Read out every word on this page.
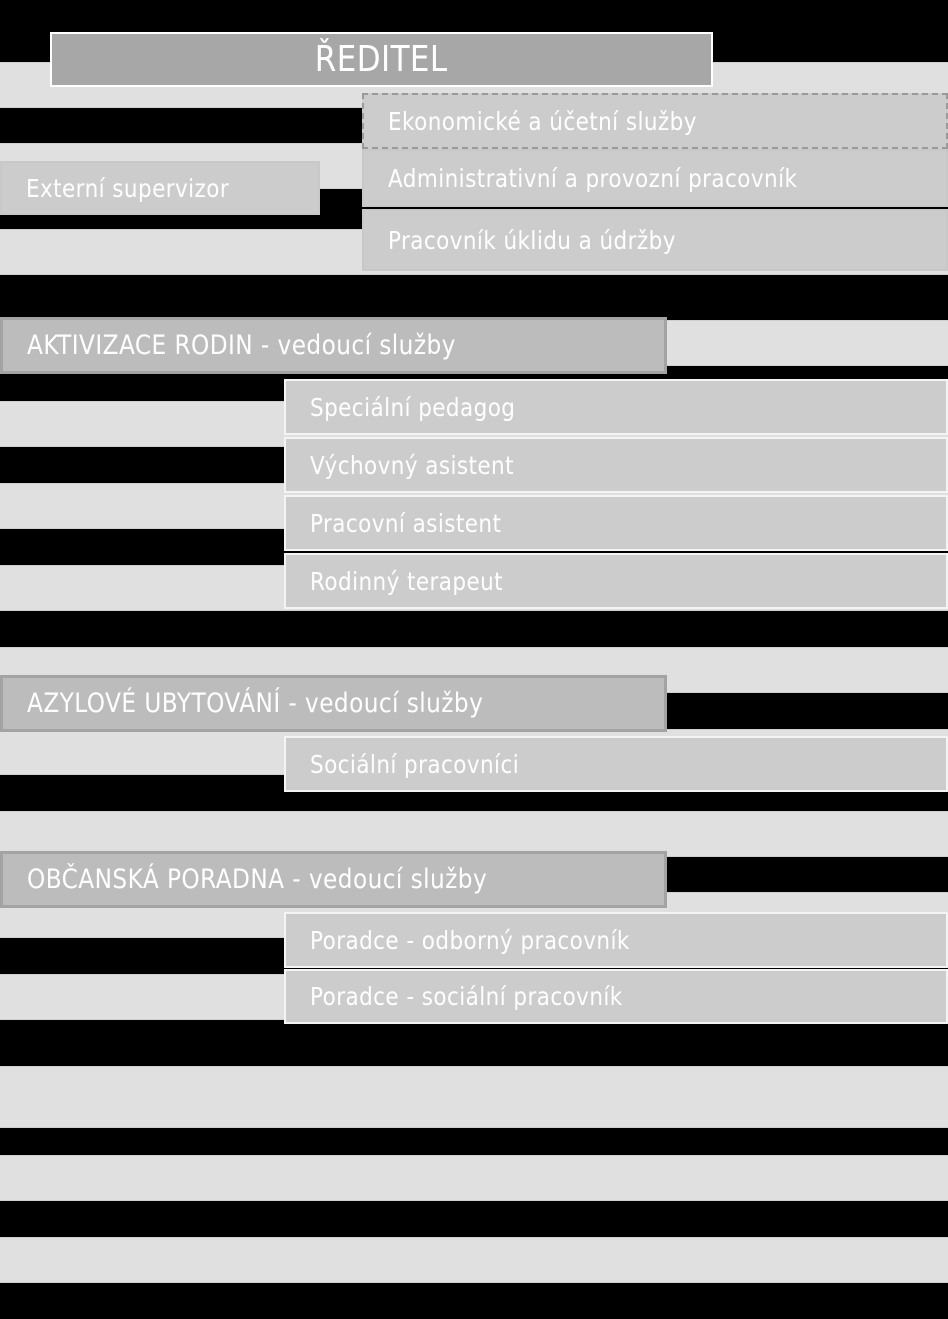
ŘEDITEL
Ekonomické a účetní služby
Administrativní a provozní pracovník
Pracovník úklidu a údržby
Externí supervizor
AKTIVIZACE RODIN - vedoucí služby
Speciální pedagog
Výchovný asistent
Pracovní asistent
Rodinný terapeut
AZYLOVÉ UBYTOVÁNÍ - vedoucí služby
Sociální pracovníci
OBČANSKÁ PORADNA - vedoucí služby
Poradce - odborný pracovník
Poradce - sociální pracovník
